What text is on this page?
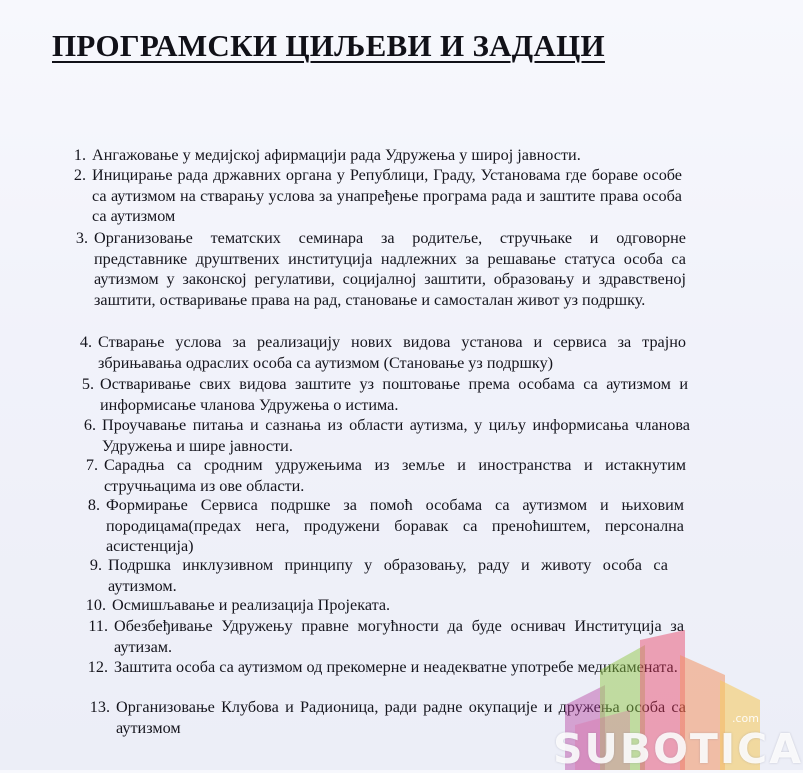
ПРОГРАМСКИ ЦИЉЕВИ И ЗАДАЦИ
1. Ангажовање у медијској афирмацији рада Удружења у широј јавности.
2. Иницирање рада државних органа у Републици, Граду, Установама где бораве особе са аутизмом на стварању услова за унапређење програма рада и заштите права особа са аутизмом
3. Организовање тематских семинара за родитеље, стручњаке и одговорне представнике друштвених институција надлежних за решавање статуса особа са аутизмом у законској регулативи, социјалној заштити, образовању и здравственој заштити, остваривање права на рад, становање и самосталан живот уз подршку.
4. Стварање услова за реализацију нових видова установа и сервиса за трајно збрињавања одраслих особа са аутизмом (Становање уз подршку)
5. Остваривање свих видова заштите уз поштовање према особама са аутизмом и информисање чланова Удружења о истима.
6. Проучавање питања и сазнања из области аутизма, у циљу информисања чланова Удружења и шире јавности.
7. Сарадња са сродним удружењима из земље и иностранства и истакнутим стручњацима из ове области.
8. Формирање Сервиса подршке за помоћ особама са аутизмом и њиховим породицама(предах нега, продужени боравак са преноћиштем, персонална асистенција)
9. Подршка инклузивном принципу у образовању, раду и животу особа са аутизмом.
10. Осмишљавање и реализација Пројеката.
11. Обезбеђивање Удружењу правне могућности да буде оснивач Институција за аутизам.
12. Заштита особа са аутизмом од прекомерне и неадекватне употребе медикамената.
13. Организовање Клубова и Радионица, ради радне окупације и дружења особа са аутизмом	.com
SUBOTICA
